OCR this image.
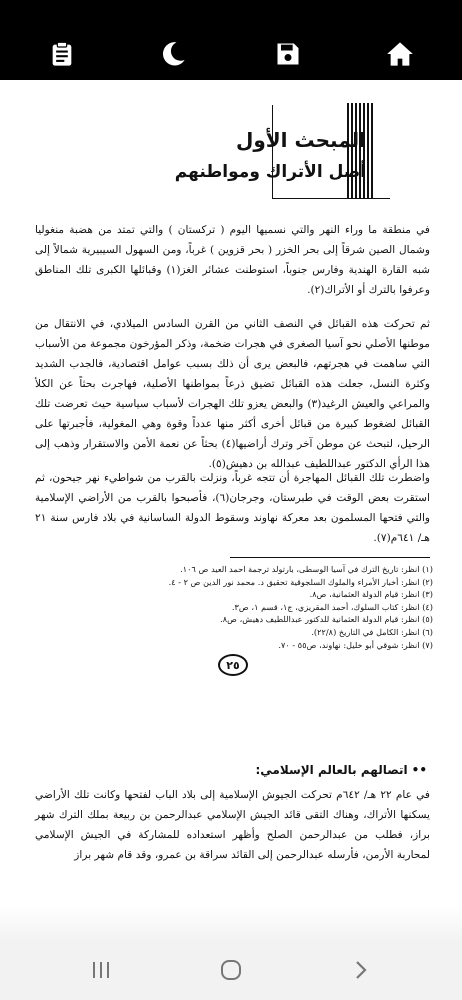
المبحث الأول
أصل الأتراك ومواطنهم

في منطقة ما وراء النهر والتي نسميها اليوم ( تركستان ) والتي تمتد من هضبة منغوليا وشمال الصين شرقاً إلى بحر الخزر ( بحر قزوين ) غرباً، ومن السهول السيبيرية شمالاً إلى شبه القارة الهندية وفارس جنوباً، استوطنت عشائر الغز(١) وقبائلها الكبرى تلك المناطق وعرفوا بالترك أو الأتراك(٢).

ثم تحركت هذه القبائل في النصف الثاني من القرن السادس الميلادي، في الانتقال من موطنها الأصلي نحو آسيا الصغرى في هجرات ضخمة، وذكر المؤرخون مجموعة من الأسباب التي ساهمت في هجرتهم، فالبعض يرى أن ذلك بسبب عوامل اقتصادية، فالجدب الشديد وكثرة النسل، جعلت هذه القبائل تضيق ذرعاً بمواطنها الأصلية، فهاجرت بحثاً عن الكلأ والمراعي والعيش الرغيد(٣) والبعض يعزو تلك الهجرات لأسباب سياسية حيث تعرضت تلك القبائل لضغوط كبيرة من قبائل أخرى أكثر منها عدداً وقوة وهي المغولية، فأجبرتها على الرحيل، لتبحث عن موطن آخر وترك أراضيها(٤) بحثاً عن نعمة الأمن والاستقرار وذهب إلى هذا الرأي الدكتور عبداللطيف عبدالله بن دهيش(٥).

واضطرت تلك القبائل المهاجرة أن تتجه غرباً، ونزلت بالقرب من شواطيء نهر جيحون، ثم استقرت بعض الوقت في طبرستان، وجرجان(٦)، فأصبحوا بالقرب من الأراضي الإسلامية والتي فتحها المسلمون بعد معركة نهاوند وسقوط الدولة الساسانية في بلاد فارس سنة ٢١ هـ/ ٦٤١م(٧).

(١) انظر: تاريخ الترك في آسيا الوسطى، بارتولد ترجمة احمد العيد ص ١٠٦.
(٢) انظر: أخبار الأمراء والملوك السلجوقية تحقيق د. محمد نور الدين ص ٢ - ٤.
(٣) انظر: قيام الدولة العثمانية، ص٨.
(٤) انظر: كتاب السلوك، أحمد المقريزي، ج١، قسم ١، ص٣.
(٥) انظر: قيام الدولة العثمانية للدكتور عبداللطيف دهيش، ص٨.
(٦) انظر: الكامل في التاريخ (٢٢/٨).
(٧) انظر: شوقي أبو خليل: نهاوند، ص٥٥ - ٧٠.
٢٥
••اتصالهم بالعالم الإسلامي:

في عام ٢٢ هـ/ ٦٤٢م تحركت الجيوش الإسلامية إلى بلاد الباب لفتحها وكانت تلك الأراضي يسكنها الأتراك، وهناك التقى قائد الجيش الإسلامي عبدالرحمن بن ربيعة بملك الترك شهر براز، فطلب من عبدالرحمن الصلح وأظهر استعداده للمشاركة في الجيش الإسلامي لمحاربة الأرمن، فأرسله عبدالرحمن إلى القائد سراقة بن عمرو، وقد قام شهر براز
